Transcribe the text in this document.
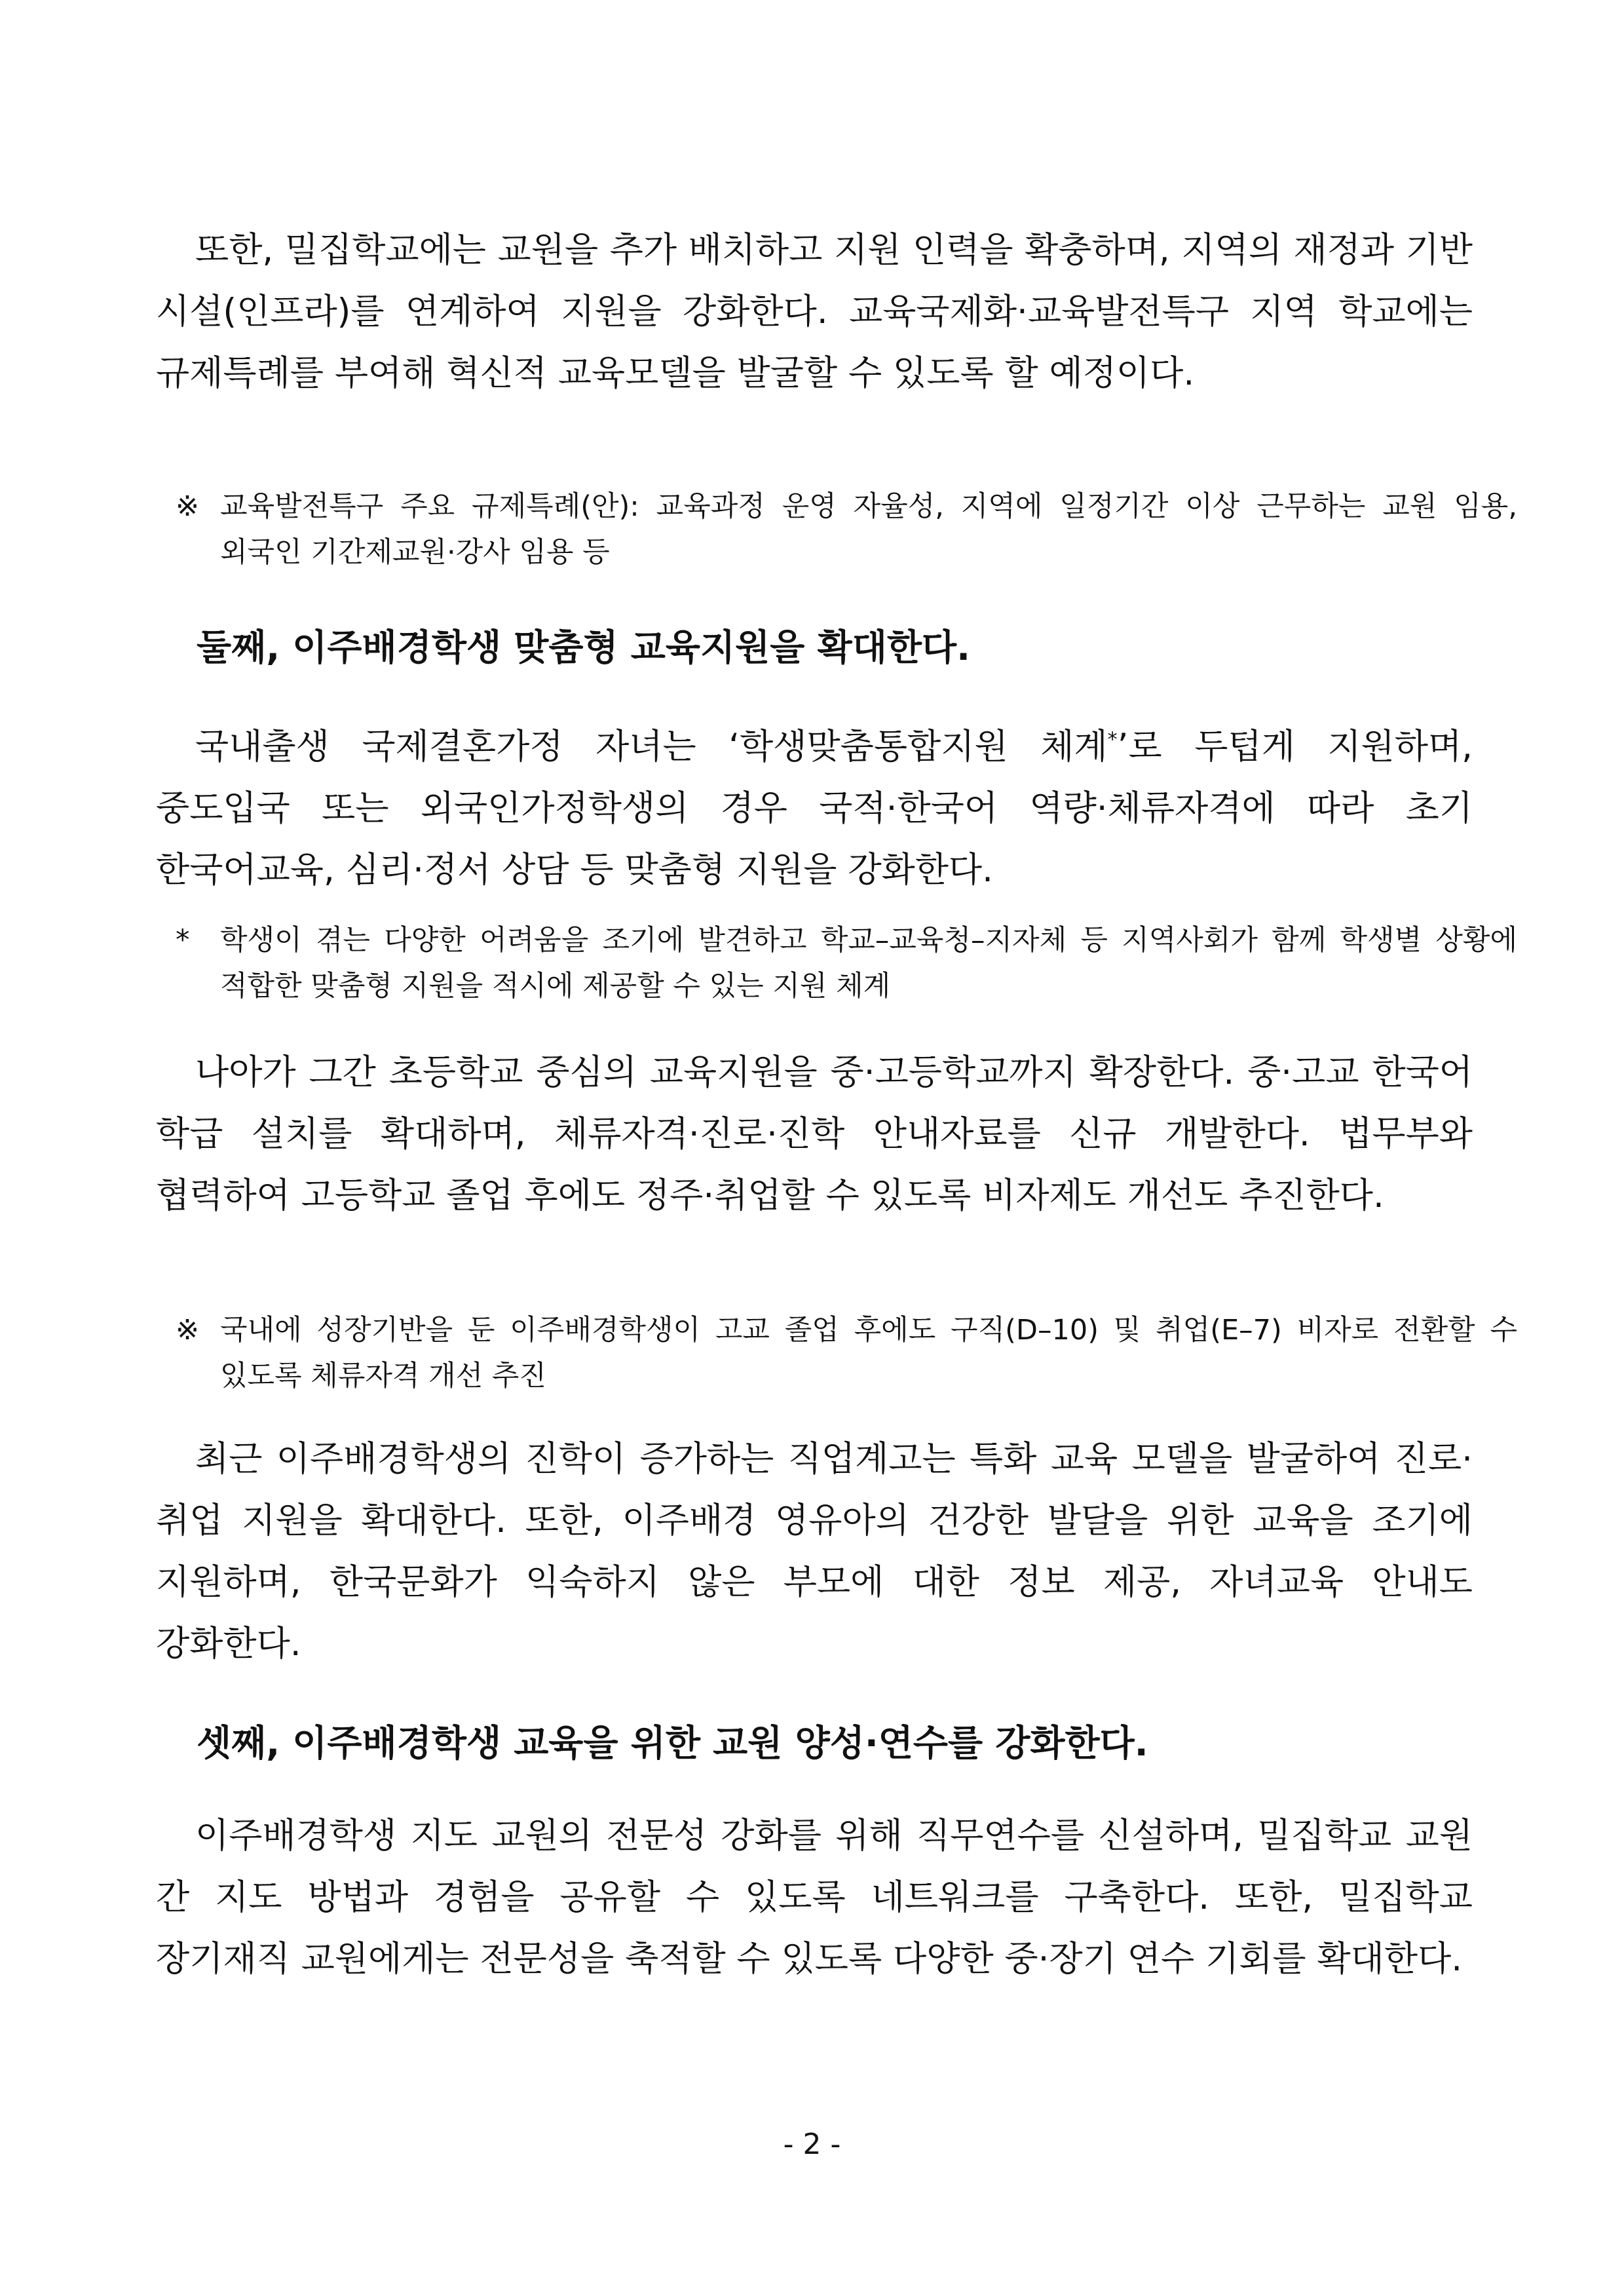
또한, 밀집학교에는 교원을 추가 배치하고 지원 인력을 확충하며, 지역의 재정과 기반 시설(인프라)를 연계하여 지원을 강화한다. 교육국제화·교육발전특구 지역 학교에는 규제특례를 부여해 혁신적 교육모델을 발굴할 수 있도록 할 예정이다.

※ 교육발전특구 주요 규제특례(안): 교육과정 운영 자율성, 지역에 일정기간 이상 근무하는 교원 임용, 외국인 기간제교원·강사 임용 등

둘째, 이주배경학생 맞춤형 교육지원을 확대한다.

국내출생 국제결혼가정 자녀는 ‘학생맞춤통합지원 체계*’로 두텁게 지원하며, 중도입국 또는 외국인가정학생의 경우 국적·한국어 역량·체류자격에 따라 초기 한국어교육, 심리·정서 상담 등 맞춤형 지원을 강화한다.

* 학생이 겪는 다양한 어려움을 조기에 발견하고 학교–교육청–지자체 등 지역사회가 함께 학생별 상황에 적합한 맞춤형 지원을 적시에 제공할 수 있는 지원 체계

나아가 그간 초등학교 중심의 교육지원을 중·고등학교까지 확장한다. 중·고교 한국어 학급 설치를 확대하며, 체류자격·진로·진학 안내자료를 신규 개발한다. 법무부와 협력하여 고등학교 졸업 후에도 정주·취업할 수 있도록 비자제도 개선도 추진한다.

※ 국내에 성장기반을 둔 이주배경학생이 고교 졸업 후에도 구직(D–10) 및 취업(E–7) 비자로 전환할 수 있도록 체류자격 개선 추진

최근 이주배경학생의 진학이 증가하는 직업계고는 특화 교육 모델을 발굴하여 진로·취업 지원을 확대한다. 또한, 이주배경 영유아의 건강한 발달을 위한 교육을 조기에 지원하며, 한국문화가 익숙하지 않은 부모에 대한 정보 제공, 자녀교육 안내도 강화한다.

셋째, 이주배경학생 교육을 위한 교원 양성·연수를 강화한다.

이주배경학생 지도 교원의 전문성 강화를 위해 직무연수를 신설하며, 밀집학교 교원 간 지도 방법과 경험을 공유할 수 있도록 네트워크를 구축한다. 또한, 밀집학교 장기재직 교원에게는 전문성을 축적할 수 있도록 다양한 중·장기 연수 기회를 확대한다.

- 2 -
